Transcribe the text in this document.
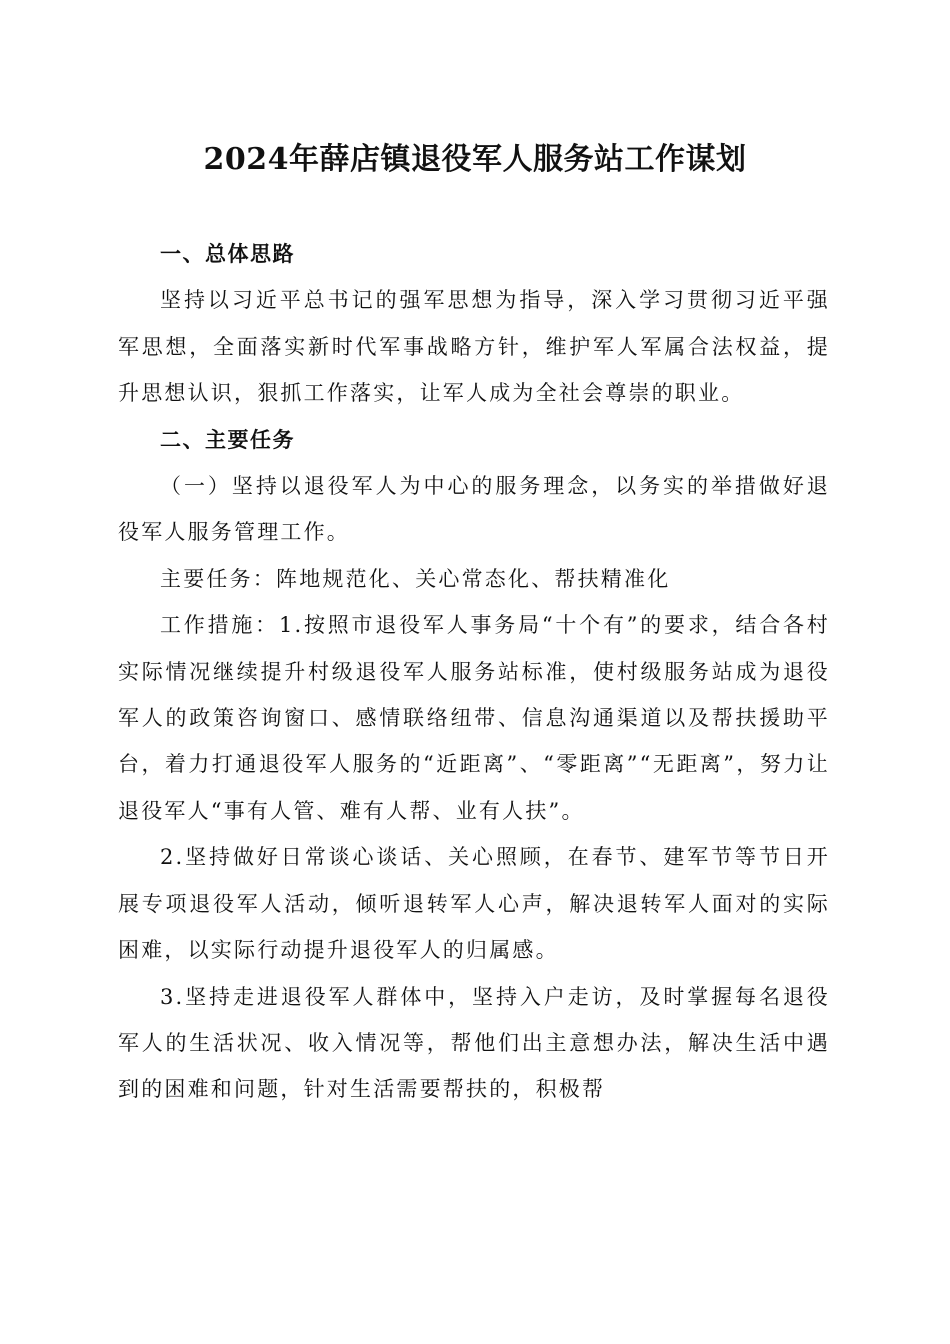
2024年薛店镇退役军人服务站工作谋划
一、总体思路

坚持以习近平总书记的强军思想为指导，深入学习贯彻习近平强军思想，全面落实新时代军事战略方针，维护军人军属合法权益，提升思想认识，狠抓工作落实，让军人成为全社会尊崇的职业。

二、主要任务

（一）坚持以退役军人为中心的服务理念，以务实的举措做好退役军人服务管理工作。

主要任务：阵地规范化、关心常态化、帮扶精准化

工作措施：1.按照市退役军人事务局“十个有”的要求，结合各村实际情况继续提升村级退役军人服务站标准，使村级服务站成为退役军人的政策咨询窗口、感情联络纽带、信息沟通渠道以及帮扶援助平台，着力打通退役军人服务的“近距离”、“零距离”“无距离”，努力让退役军人“事有人管、难有人帮、业有人扶”。

2.坚持做好日常谈心谈话、关心照顾，在春节、建军节等节日开展专项退役军人活动，倾听退转军人心声，解决退转军人面对的实际困难，以实际行动提升退役军人的归属感。

3.坚持走进退役军人群体中，坚持入户走访，及时掌握每名退役军人的生活状况、收入情况等，帮他们出主意想办法，解决生活中遇到的困难和问题，针对生活需要帮扶的，积极帮
